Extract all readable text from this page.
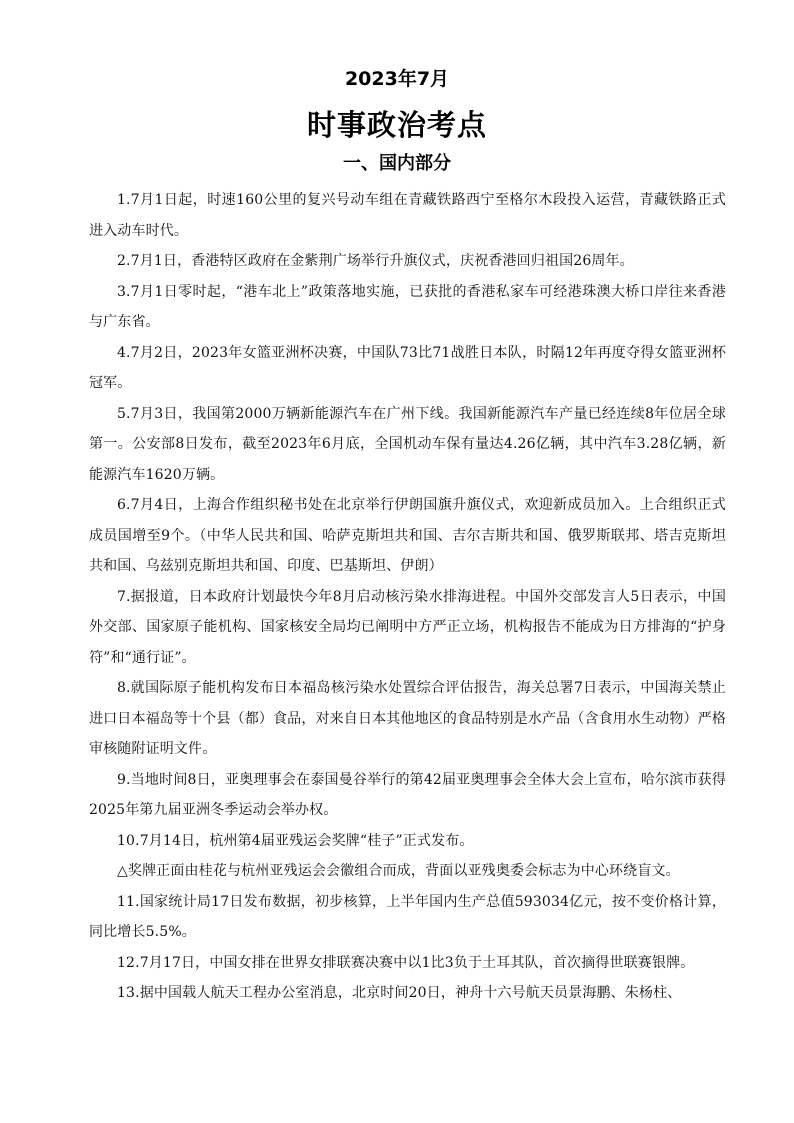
2023年7月
时事政治考点
一、国内部分

1.7月1日起，时速160公里的复兴号动车组在青藏铁路西宁至格尔木段投入运营，青藏铁路正式进入动车时代。

2.7月1日，香港特区政府在金紫荆广场举行升旗仪式，庆祝香港回归祖国26周年。

3.7月1日零时起，“港车北上”政策落地实施，已获批的香港私家车可经港珠澳大桥口岸往来香港与广东省。

4.7月2日，2023年女篮亚洲杯决赛，中国队73比71战胜日本队，时隔12年再度夺得女篮亚洲杯冠军。

5.7月3日，我国第2000万辆新能源汽车在广州下线。我国新能源汽车产量已经连续8年位居全球第一。公安部8日发布，截至2023年6月底，全国机动车保有量达4.26亿辆，其中汽车3.28亿辆，新能源汽车1620万辆。

6.7月4日，上海合作组织秘书处在北京举行伊朗国旗升旗仪式，欢迎新成员加入。上合组织正式成员国增至9个。（中华人民共和国、哈萨克斯坦共和国、吉尔吉斯共和国、俄罗斯联邦、塔吉克斯坦共和国、乌兹别克斯坦共和国、印度、巴基斯坦、伊朗）

7.据报道，日本政府计划最快今年8月启动核污染水排海进程。中国外交部发言人5日表示，中国外交部、国家原子能机构、国家核安全局均已阐明中方严正立场，机构报告不能成为日方排海的“护身符”和“通行证”。

8.就国际原子能机构发布日本福岛核污染水处置综合评估报告，海关总署7日表示，中国海关禁止进口日本福岛等十个县（都）食品，对来自日本其他地区的食品特别是水产品（含食用水生动物）严格审核随附证明文件。

9.当地时间8日，亚奥理事会在泰国曼谷举行的第42届亚奥理事会全体大会上宣布，哈尔滨市获得2025年第九届亚洲冬季运动会举办权。

10.7月14日，杭州第4届亚残运会奖牌“桂子”正式发布。

△奖牌正面由桂花与杭州亚残运会会徽组合而成，背面以亚残奥委会标志为中心环绕盲文。

11.国家统计局17日发布数据，初步核算，上半年国内生产总值593034亿元，按不变价格计算，同比增长5.5%。

12.7月17日，中国女排在世界女排联赛决赛中以1比3负于土耳其队，首次摘得世联赛银牌。

13.据中国载人航天工程办公室消息，北京时间20日，神舟十六号航天员景海鹏、朱杨柱、
